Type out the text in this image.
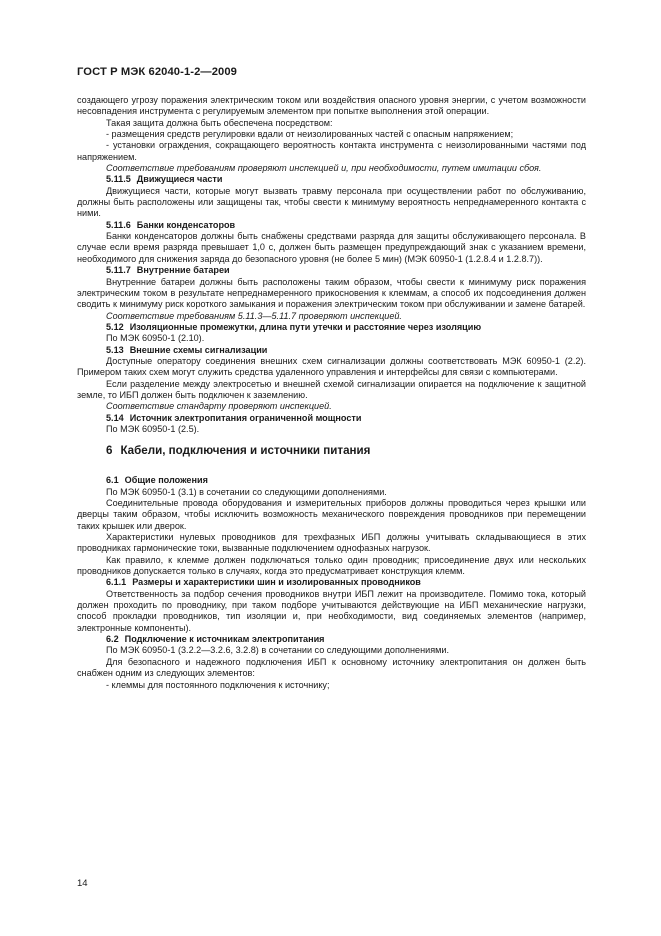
ГОСТ Р МЭК 62040-1-2—2009

создающего угрозу поражения электрическим током или воздействия опасного уровня энергии, с учетом возможности несовпадения инструмента с регулируемым элементом при попытке выполнения этой операции.

Такая защита должна быть обеспечена посредством:

- размещения средств регулировки вдали от неизолированных частей с опасным напряжением;

- установки ограждения, сокращающего вероятность контакта инструмента с неизолированными частями под напряжением.

Соответствие требованиям проверяют инспекцией и, при необходимости, путем имитации сбоя.

5.11.5 Движущиеся части

Движущиеся части, которые могут вызвать травму персонала при осуществлении работ по обслуживанию, должны быть расположены или защищены так, чтобы свести к минимуму вероятность непреднамеренного контакта с ними.

5.11.6 Банки конденсаторов

Банки конденсаторов должны быть снабжены средствами разряда для защиты обслуживающего персонала. В случае если время разряда превышает 1,0 с, должен быть размещен предупреждающий знак с указанием времени, необходимого для снижения заряда до безопасного уровня (не более 5 мин) (МЭК 60950-1 (1.2.8.4 и 1.2.8.7)).

5.11.7 Внутренние батареи

Внутренние батареи должны быть расположены таким образом, чтобы свести к минимуму риск поражения электрическим током в результате непреднамеренного прикосновения к клеммам, а способ их подсоединения должен сводить к минимуму риск короткого замыкания и поражения электрическим током при обслуживании и замене батарей.

Соответствие требованиям 5.11.3—5.11.7 проверяют инспекцией.

5.12 Изоляционные промежутки, длина пути утечки и расстояние через изоляцию

По МЭК 60950-1 (2.10).

5.13 Внешние схемы сигнализации

Доступные оператору соединения внешних схем сигнализации должны соответствовать МЭК 60950-1 (2.2). Примером таких схем могут служить средства удаленного управления и интерфейсы для связи с компьютерами.

Если разделение между электросетью и внешней схемой сигнализации опирается на подключение к защитной земле, то ИБП должен быть подключен к заземлению.

Соответствие стандарту проверяют инспекцией.

5.14 Источник электропитания ограниченной мощности

По МЭК 60950-1 (2.5).

6 Кабели, подключения и источники питания
6.1 Общие положения

По МЭК 60950-1 (3.1) в сочетании со следующими дополнениями.

Соединительные провода оборудования и измерительных приборов должны проводиться через крышки или дверцы таким образом, чтобы исключить возможность механического повреждения проводников при перемещении таких крышек или дверок.

Характеристики нулевых проводников для трехфазных ИБП должны учитывать складывающиеся в этих проводниках гармонические токи, вызванные подключением однофазных нагрузок.

Как правило, к клемме должен подключаться только один проводник; присоединение двух или нескольких проводников допускается только в случаях, когда это предусматривает конструкция клемм.

6.1.1 Размеры и характеристики шин и изолированных проводников

Ответственность за подбор сечения проводников внутри ИБП лежит на производителе. Помимо тока, который должен проходить по проводнику, при таком подборе учитываются действующие на ИБП механические нагрузки, способ прокладки проводников, тип изоляции и, при необходимости, вид соединяемых элементов (например, электронные компоненты).

6.2 Подключение к источникам электропитания

По МЭК 60950-1 (3.2.2—3.2.6, 3.2.8) в сочетании со следующими дополнениями.

Для безопасного и надежного подключения ИБП к основному источнику электропитания он должен быть снабжен одним из следующих элементов:

- клеммы для постоянного подключения к источнику;

14
